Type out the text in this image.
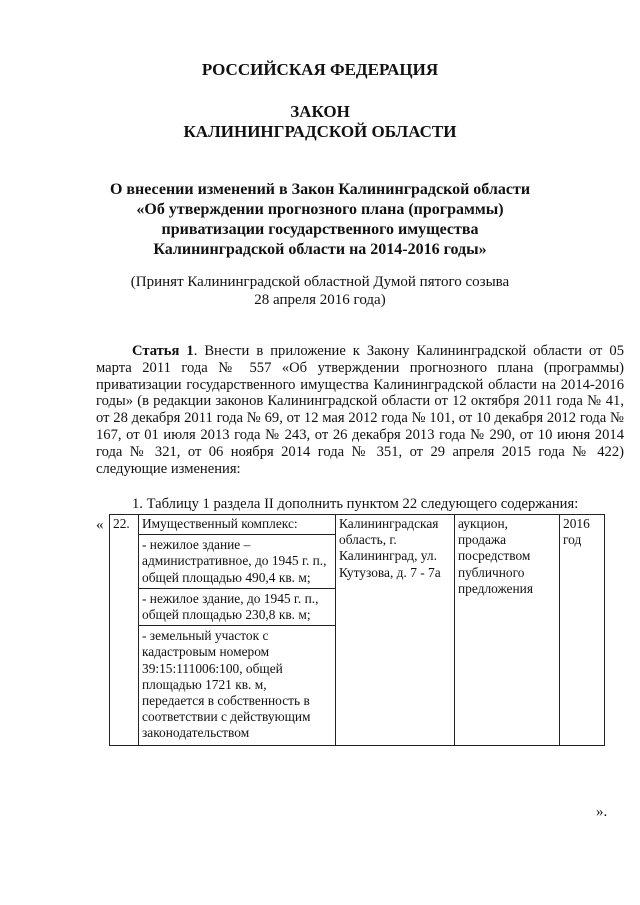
РОССИЙСКАЯ ФЕДЕРАЦИЯ
ЗАКОН
КАЛИНИНГРАДСКОЙ ОБЛАСТИ
О внесении изменений в Закон Калининградской области
«Об утверждении прогнозного плана (программы)
приватизации государственного имущества
Калининградской области на 2014-2016 годы»
(Принят Калининградской областной Думой пятого созыва
28 апреля 2016 года)
Статья 1. Внести в приложение к Закону Калининградской области от 05 марта 2011 года № 557 «Об утверждении прогнозного плана (программы) приватизации государственного имущества Калининградской области на 2014-2016 годы» (в редакции законов Калининградской области от 12 октября 2011 года № 41, от 28 декабря 2011 года № 69, от 12 мая 2012 года № 101, от 10 декабря 2012 года № 167, от 01 июля 2013 года № 243, от 26 декабря 2013 года № 290, от 10 июня 2014 года № 321, от 06 ноября 2014 года № 351, от 29 апреля 2015 года № 422) следующие изменения:
1. Таблицу 1 раздела II дополнить пунктом 22 следующего содержания:
« 22.	Имущественный комплекс:
- нежилое здание – административное, до 1945 г. п., общей площадью 490,4 кв. м;
- нежилое здание, до 1945 г. п., общей площадью 230,8 кв. м;
- земельный участок с кадастровым номером 39:15:111006:100, общей площадью 1721 кв. м, передается в собственность в соответствии с действующим законодательством
	Калининградская область, г. Калининград, ул. Кутузова, д. 7 - 7а	аукцион, продажа посредством публичного предложения	2016 год
».
